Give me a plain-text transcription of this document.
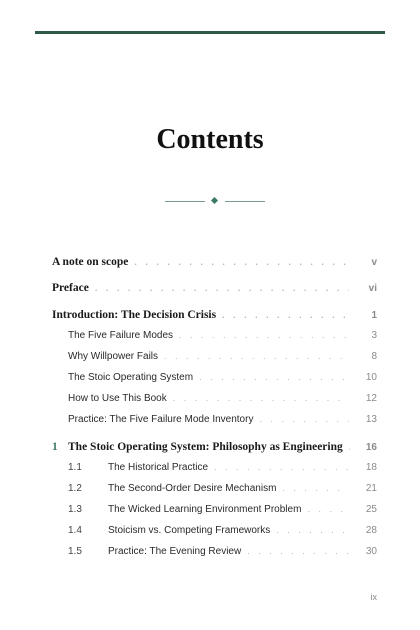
Contents
A note on scope . . .	v
Preface . . .	vi
Introduction: The Decision Crisis . . .	1
The Five Failure Modes . . .	3
Why Willpower Fails . . .	8
The Stoic Operating System . . .	10
How to Use This Book . . .	12
Practice: The Five Failure Mode Inventory . . .	13
1 The Stoic Operating System: Philosophy as Engineering . . .	16
1.1	The Historical Practice . . .	18
1.2	The Second-Order Desire Mechanism . . .	21
1.3	The Wicked Learning Environment Problem . . .	25
1.4	Stoicism vs. Competing Frameworks . . .	28
1.5	Practice: The Evening Review . . .	30
ix
